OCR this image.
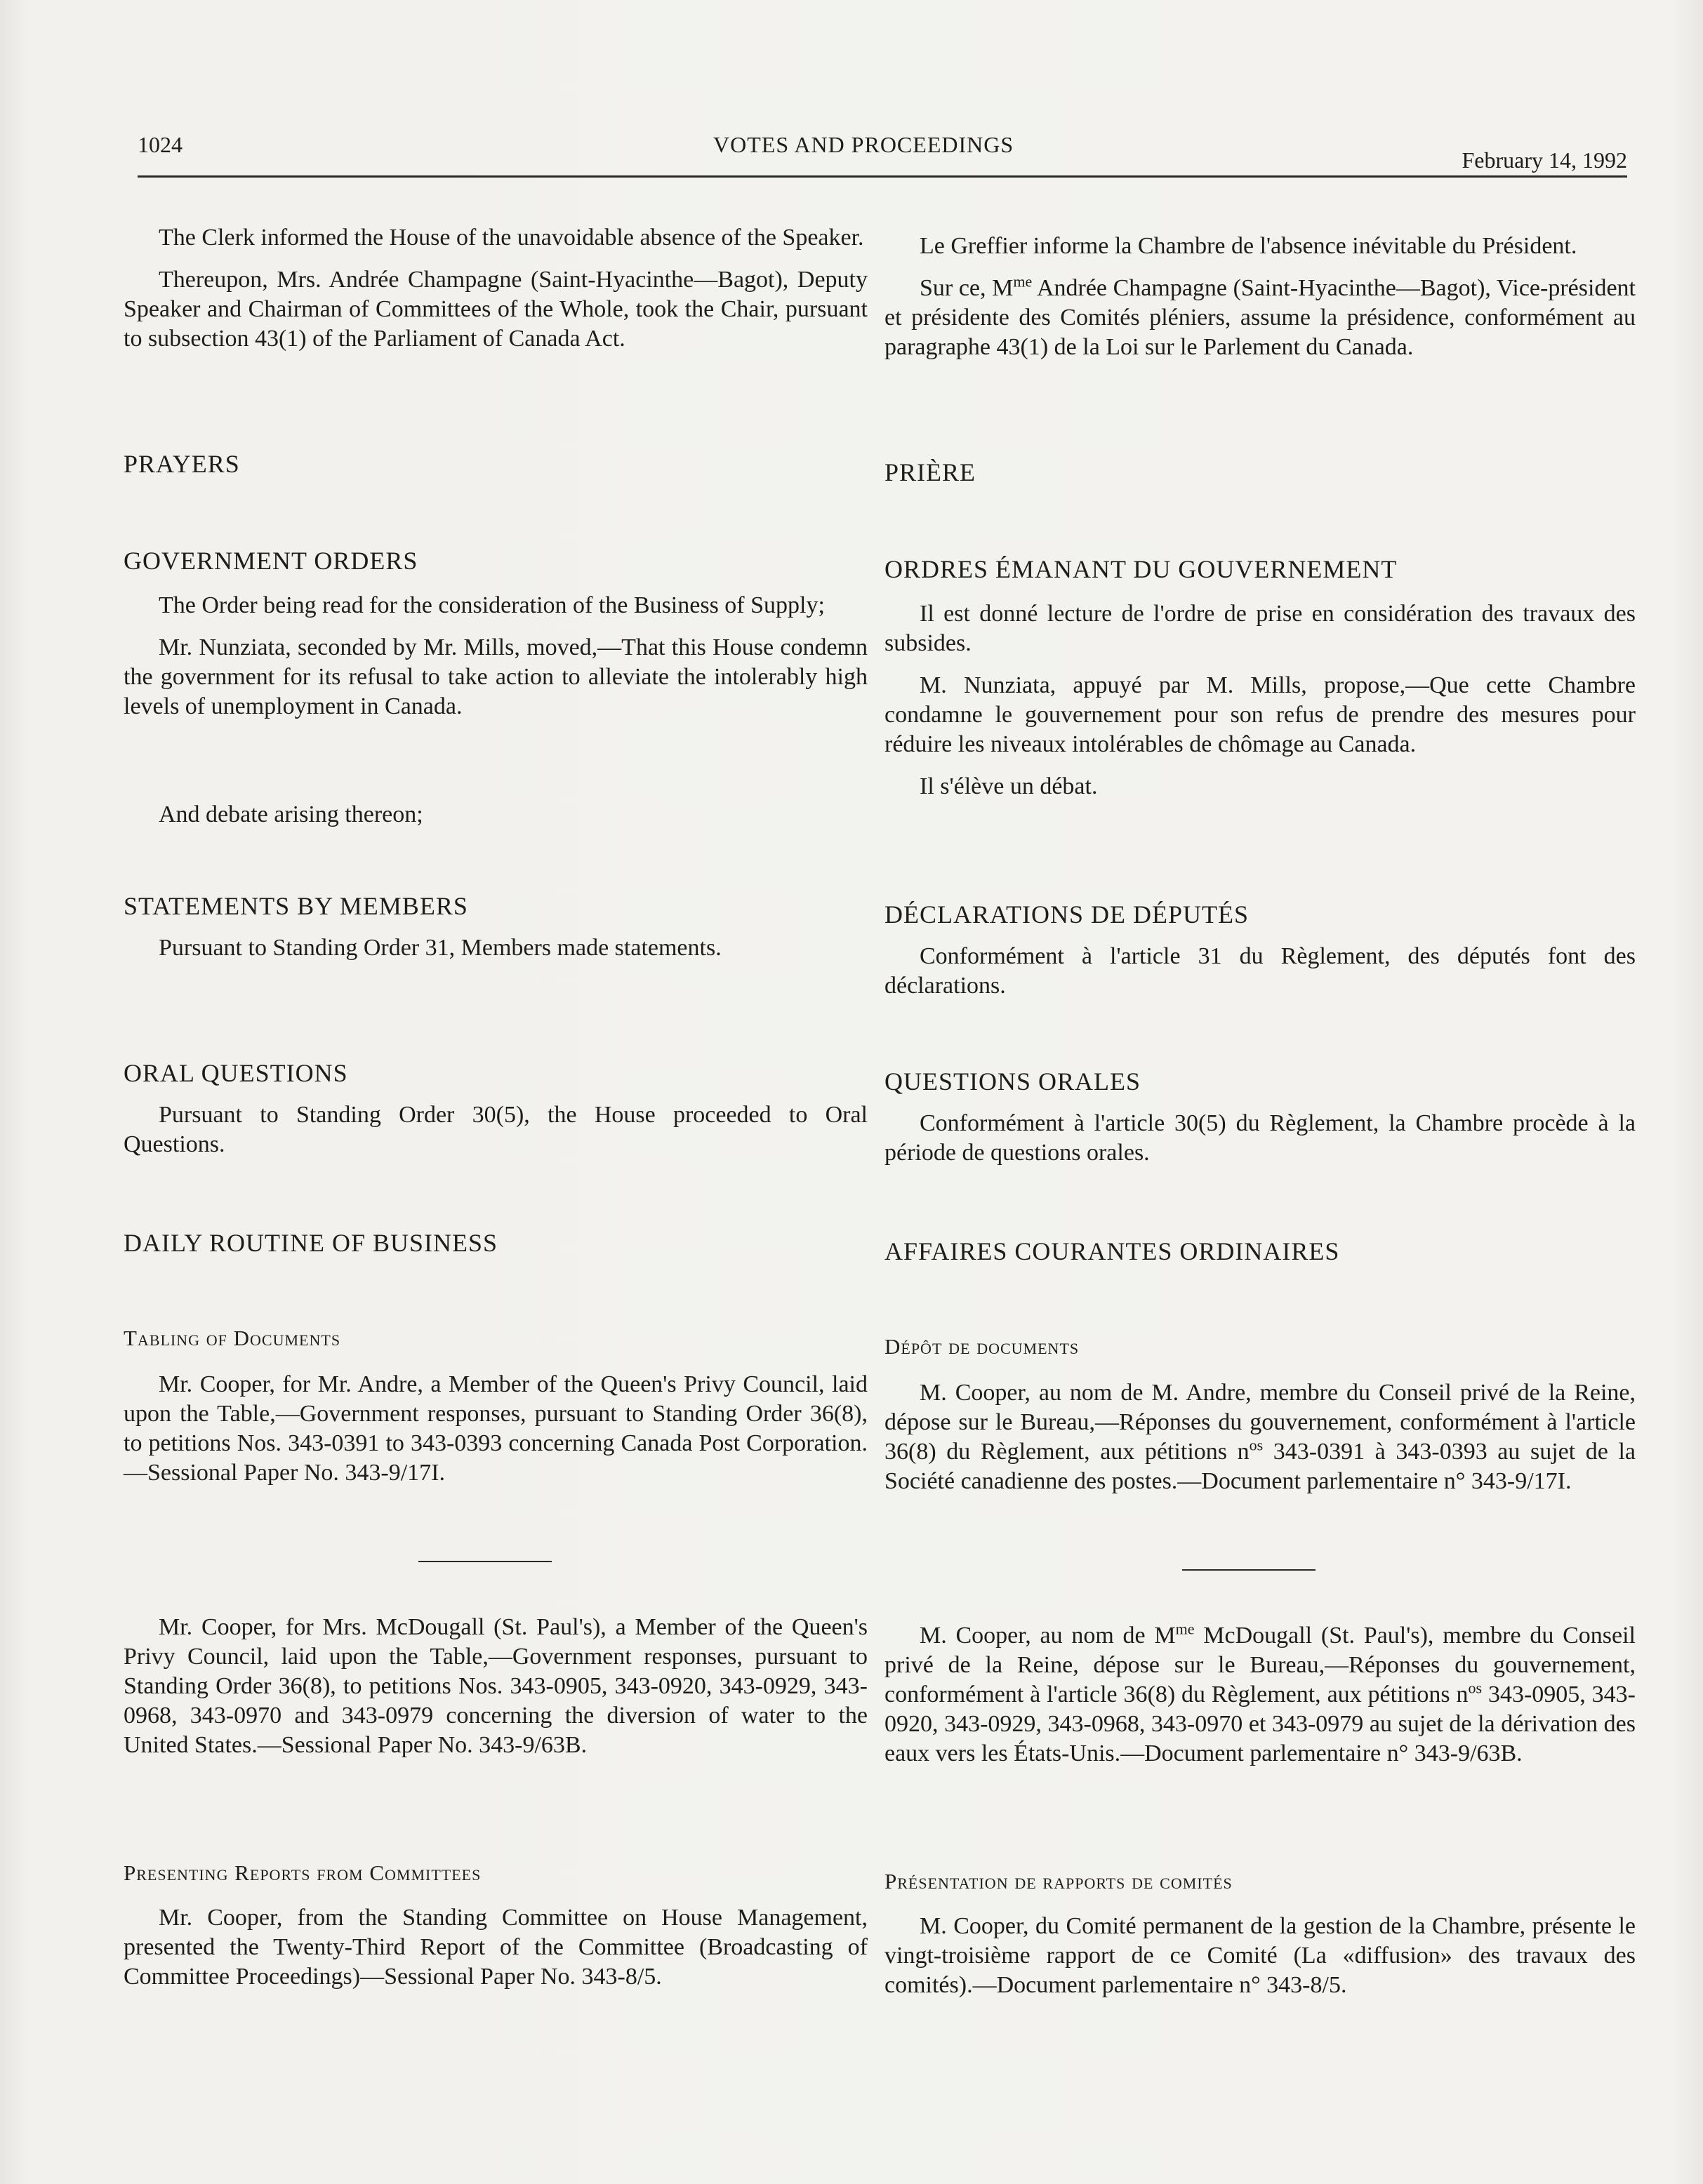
1024	VOTES AND PROCEEDINGS
February 14, 1992

The Clerk informed the House of the unavoidable absence of the Speaker.

Thereupon, Mrs. Andrée Champagne (Saint-Hyacinthe—Bagot), Deputy Speaker and Chairman of Committees of the Whole, took the Chair, pursuant to subsection 43(1) of the Parliament of Canada Act.

PRAYERS
GOVERNMENT ORDERS

The Order being read for the consideration of the Business of Supply;

Mr. Nunziata, seconded by Mr. Mills, moved,—That this House condemn the government for its refusal to take action to alleviate the intolerably high levels of unemployment in Canada.

And debate arising thereon;

STATEMENTS BY MEMBERS

Pursuant to Standing Order 31, Members made statements.

ORAL QUESTIONS

Pursuant to Standing Order 30(5), the House proceeded to Oral Questions.

DAILY ROUTINE OF BUSINESS
Tabling of Documents

Mr. Cooper, for Mr. Andre, a Member of the Queen's Privy Council, laid upon the Table,—Government responses, pursuant to Standing Order 36(8), to petitions Nos. 343-0391 to 343-0393 concerning Canada Post Corporation.—Sessional Paper No. 343-9/17I.

Mr. Cooper, for Mrs. McDougall (St. Paul's), a Member of the Queen's Privy Council, laid upon the Table,—Government responses, pursuant to Standing Order 36(8), to petitions Nos. 343-0905, 343-0920, 343-0929, 343-0968, 343-0970 and 343-0979 concerning the diversion of water to the United States.—Sessional Paper No. 343-9/63B.

Presenting Reports from Committees

Mr. Cooper, from the Standing Committee on House Management, presented the Twenty-Third Report of the Committee (Broadcasting of Committee Proceedings)—Sessional Paper No. 343-8/5.

Le Greffier informe la Chambre de l'absence inévitable du Président.

Sur ce, $M^{me}$ Andrée Champagne (Saint-Hyacinthe—Bagot), Vice-président et présidente des Comités pléniers, assume la présidence, conformément au paragraphe 43(1) de la Loi sur le Parlement du Canada.

PRIÈRE
ORDRES ÉMANANT DU GOUVERNEMENT

Il est donné lecture de l'ordre de prise en considération des travaux des subsides.

M. Nunziata, appuyé par M. Mills, propose,—Que cette Chambre condamne le gouvernement pour son refus de prendre des mesures pour réduire les niveaux intolérables de chômage au Canada.

Il s'élève un débat.

DÉCLARATIONS DE DÉPUTÉS

Conformément à l'article 31 du Règlement, des députés font des déclarations.

QUESTIONS ORALES

Conformément à l'article 30(5) du Règlement, la Chambre procède à la période de questions orales.

AFFAIRES COURANTES ORDINAIRES
Dépôt de documents

M. Cooper, au nom de M. Andre, membre du Conseil privé de la Reine, dépose sur le Bureau,—Réponses du gouvernement, conformément à l'article 36(8) du Règlement, aux pétitions $n^{os}$ 343-0391 à 343-0393 au sujet de la Société canadienne des postes.—Document parlementaire n° 343-9/17I.

M. Cooper, au nom de $M^{me}$ McDougall (St. Paul's), membre du Conseil privé de la Reine, dépose sur le Bureau,—Réponses du gouvernement, conformément à l'article 36(8) du Règlement, aux pétitions $n^{os}$ 343-0905, 343-0920, 343-0929, 343-0968, 343-0970 et 343-0979 au sujet de la dérivation des eaux vers les États-Unis.—Document parlementaire n° 343-9/63B.

Présentation de rapports de comités

M. Cooper, du Comité permanent de la gestion de la Chambre, présente le vingt-troisième rapport de ce Comité (La «diffusion» des travaux des comités).—Document parlementaire n° 343-8/5.
